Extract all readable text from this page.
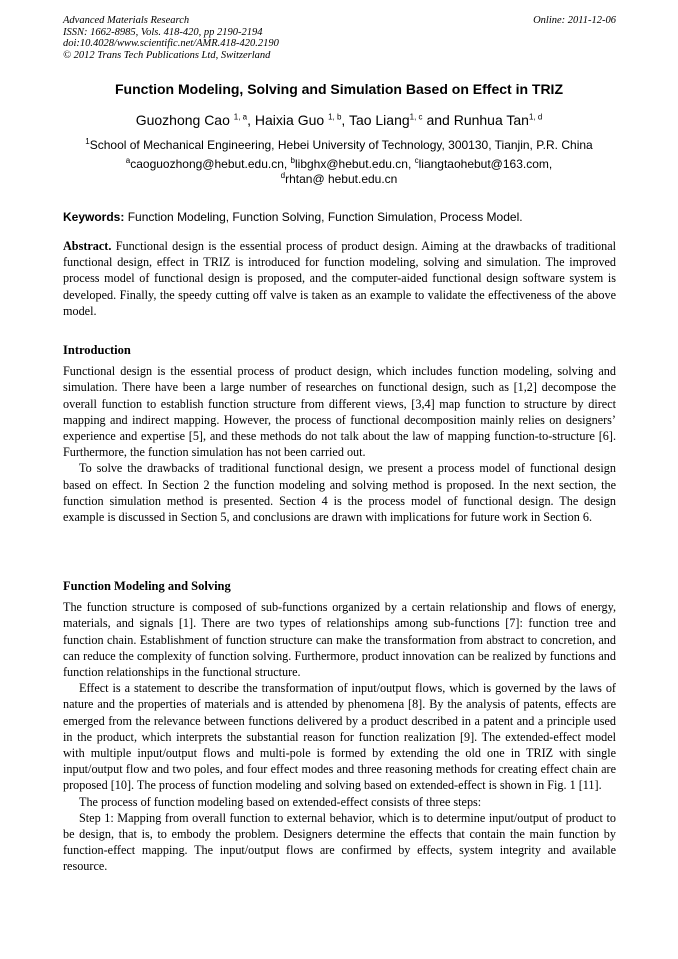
Advanced Materials Research
ISSN: 1662-8985, Vols. 418-420, pp 2190-2194
doi:10.4028/www.scientific.net/AMR.418-420.2190
© 2012 Trans Tech Publications Ltd, Switzerland
Online: 2011-12-06
Function Modeling, Solving and Simulation Based on Effect in TRIZ
Guozhong Cao $^{1, a}$, Haixia Guo $^{1, b}$, Tao Liang$^{1, c}$ and Runhua Tan$^{1, d}$
$^1$School of Mechanical Engineering, Hebei University of Technology, 300130, Tianjin, P.R. China
$^a$caoguozhong@hebut.edu.cn, $^b$libghx@hebut.edu.cn, $^c$liangtaohebut@163.com,
$^d$rhtan@ hebut.edu.cn
Keywords: Function Modeling, Function Solving, Function Simulation, Process Model.

Abstract. Functional design is the essential process of product design. Aiming at the drawbacks of traditional functional design, effect in TRIZ is introduced for function modeling, solving and simulation. The improved process model of functional design is proposed, and the computer-aided functional design software system is developed. Finally, the speedy cutting off valve is taken as an example to validate the effectiveness of the above model.

Introduction

Functional design is the essential process of product design, which includes function modeling, solving and simulation. There have been a large number of researches on functional design, such as [1,2] decompose the overall function to establish function structure from different views, [3,4] map function to structure by direct mapping and indirect mapping. However, the process of functional decomposition mainly relies on designers’ experience and expertise [5], and these methods do not talk about the law of mapping function-to-structure [6]. Furthermore, the function simulation has not been carried out.

To solve the drawbacks of traditional functional design, we present a process model of functional design based on effect. In Section 2 the function modeling and solving method is proposed. In the next section, the function simulation method is presented. Section 4 is the process model of functional design. The design example is discussed in Section 5, and conclusions are drawn with implications for future work in Section 6.

Function Modeling and Solving

The function structure is composed of sub-functions organized by a certain relationship and flows of energy, materials, and signals [1]. There are two types of relationships among sub-functions [7]: function tree and function chain. Establishment of function structure can make the transformation from abstract to concretion, and can reduce the complexity of function solving. Furthermore, product innovation can be realized by functions and function relationships in the functional structure.

Effect is a statement to describe the transformation of input/output flows, which is governed by the laws of nature and the properties of materials and is attended by phenomena [8]. By the analysis of patents, effects are emerged from the relevance between functions delivered by a product described in a patent and a principle used in the product, which interprets the substantial reason for function realization [9]. The extended-effect model with multiple input/output flows and multi-pole is formed by extending the old one in TRIZ with single input/output flow and two poles, and four effect modes and three reasoning methods for creating effect chain are proposed [10]. The process of function modeling and solving based on extended-effect is shown in Fig. 1 [11].

The process of function modeling based on extended-effect consists of three steps:

Step 1: Mapping from overall function to external behavior, which is to determine input/output of product to be design, that is, to embody the problem. Designers determine the effects that contain the main function by function-effect mapping. The input/output flows are confirmed by effects, system integrity and available resource.
